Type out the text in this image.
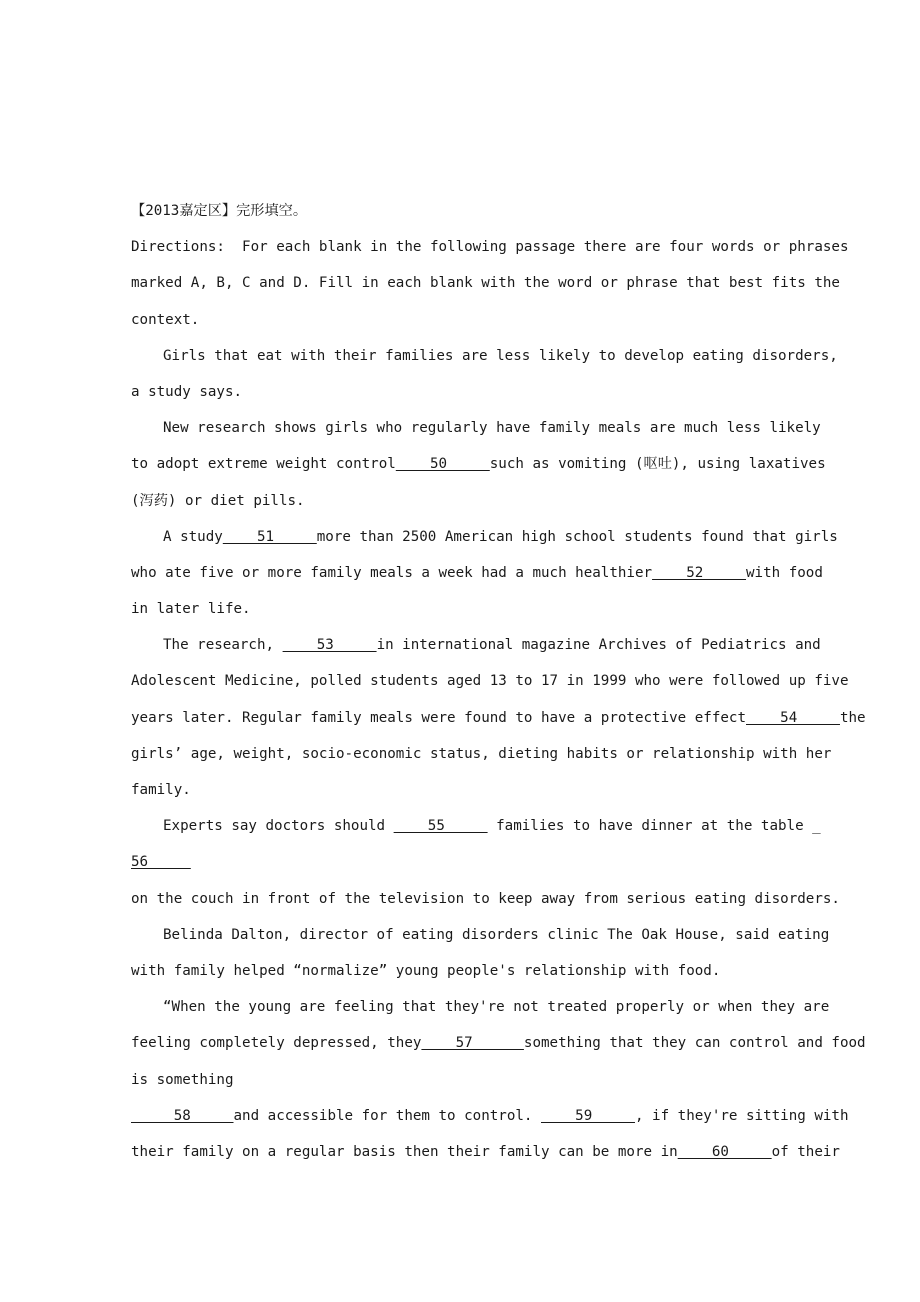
【2013嘉定区】完形填空。
Directions:  For each blank in the following passage there are four words or phrases
marked A, B, C and D. Fill in each blank with the word or phrase that best fits the
context.
Girls that eat with their families are less likely to develop eating disorders,
a study says.
New research shows girls who regularly have family meals are much less likely
to adopt extreme weight control    50     such as vomiting (呕吐), using laxatives
(泻药) or diet pills.
A study    51     more than 2500 American high school students found that girls
who ate five or more family meals a week had a much healthier    52     with food
in later life.
The research,     53     in international magazine Archives of Pediatrics and
Adolescent Medicine, polled students aged 13 to 17 in 1999 who were followed up five
years later. Regular family meals were found to have a protective effect    54     the
girls’ age, weight, socio-economic status, dieting habits or relationship with her
family.
Experts say doctors should     55      families to have dinner at the table _
56
on the couch in front of the television to keep away from serious eating disorders.
Belinda Dalton, director of eating disorders clinic The Oak House, said eating
with family helped “normalize” young people's relationship with food.
“When the young are feeling that they're not treated properly or when they are
feeling completely depressed, they    57      something that they can control and food
is something
58     and accessible for them to control.     59     , if they're sitting with
their family on a regular basis then their family can be more in    60     of their
